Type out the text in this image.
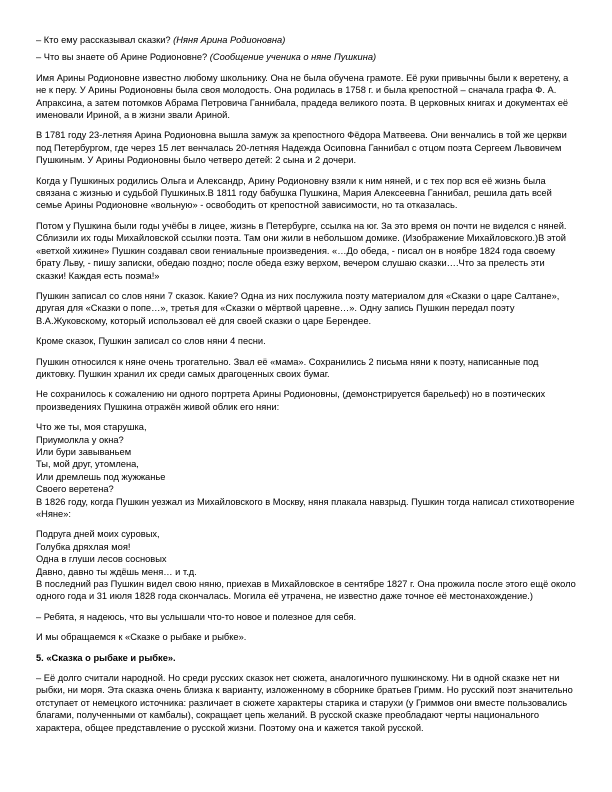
– Кто ему рассказывал сказки? (Няня Арина Родионовна)

– Что вы знаете об Арине Родионовне? (Сообщение ученика о няне Пушкина)

Имя Арины Родионовне известно любому школьнику. Она не была обучена грамоте. Её руки привычны были к веретену, а не к перу. У Арины Родионовны была своя молодость. Она родилась в 1758 г. и была крепостной – сначала графа Ф. А. Апраксина, а затем потомков Абрама Петровича Ганнибала, прадеда великого поэта. В церковных книгах и документах её именовали Ириной, а в жизни звали Ариной.

В 1781 году 23-летняя Арина Родионовна вышла замуж за крепостного Фёдора Матвеева. Они венчались в той же церкви под Петербургом, где через 15 лет венчалась 20-летняя Надежда Осиповна Ганнибал с отцом поэта Сергеем Львовичем Пушкиным. У Арины Родионовны было четверо детей: 2 сына и 2 дочери.

Когда у Пушкиных родились Ольга и Александр, Арину Родионовну взяли к ним няней, и с тех пор вся её жизнь была связана с жизнью и судьбой Пушкиных.В 1811 году бабушка Пушкина, Мария Алексеевна Ганнибал, решила дать всей семье Арины Родионовне «вольную» - освободить от крепостной зависимости, но та отказалась.

Потом у Пушкина были годы учёбы в лицее, жизнь в Петербурге, ссылка на юг. За это время он почти не виделся с няней. Сблизили их годы Михайловской ссылки поэта. Там они жили в небольшом домике. (Изображение Михайловского.)В этой «ветхой хижине» Пушкин создавал свои гениальные произведения. «…До обеда, - писал он в ноябре 1824 года своему брату Льву, - пишу записки, обедаю поздно; после обеда езжу верхом, вечером слушаю сказки….Что за прелесть эти сказки! Каждая есть поэма!»

Пушкин записал со слов няни 7 сказок. Какие? Одна из них послужила поэту материалом для «Сказки о царе Салтане», другая для «Сказки о попе…», третья для «Сказки о мёртвой царевне…». Одну запись Пушкин передал поэту В.А.Жуковскому, который использовал её для своей сказки о царе Берендее.

Кроме сказок, Пушкин записал со слов няни 4 песни.

Пушкин относился к няне очень трогательно. Звал её «мама». Сохранились 2 письма няни к поэту, написанные под диктовку. Пушкин хранил их среди самых драгоценных своих бумаг.

Не сохранилось к сожалению ни одного портрета Арины Родионовны, (демонстрируется барельеф) но в поэтических произведениях Пушкина отражён живой облик его няни:

Что же ты, моя старушка,
Приумолкла у окна?
Или бури завываньем
Ты, мой друг, утомлена,
Или дремлешь под жужжанье
Своего веретена?

В 1826 году, когда Пушкин уезжал из Михайловского в Москву, няня плакала навзрыд. Пушкин тогда написал стихотворение «Няне»:

Подруга дней моих суровых,
Голубка дряхлая моя!
Одна в глуши лесов сосновых
Давно, давно ты ждёшь меня… и т.д.

В последний раз Пушкин видел свою няню, приехав в Михайловское в сентябре 1827 г. Она прожила после этого ещё около одного года и 31 июля 1828 года скончалась. Могила её утрачена, не известно даже точное её местонахождение.)

– Ребята, я надеюсь, что вы услышали что-то новое и полезное для себя.

И мы обращаемся к «Сказке о рыбаке и рыбке».

5. «Сказка о рыбаке и рыбке».

– Её долго считали народной. Но среди русских сказок нет сюжета, аналогичного пушкинскому. Ни в одной сказке нет ни рыбки, ни моря. Эта сказка очень близка к варианту, изложенному в сборнике братьев Гримм. Но русский поэт значительно отступает от немецкого источника: различает в сюжете характеры старика и старухи (у Гриммов они вместе пользовались благами, полученными от камбалы), сокращает цепь желаний. В русской сказке преобладают черты национального характера, общее представление о русской жизни. Поэтому она и кажется такой русской.
